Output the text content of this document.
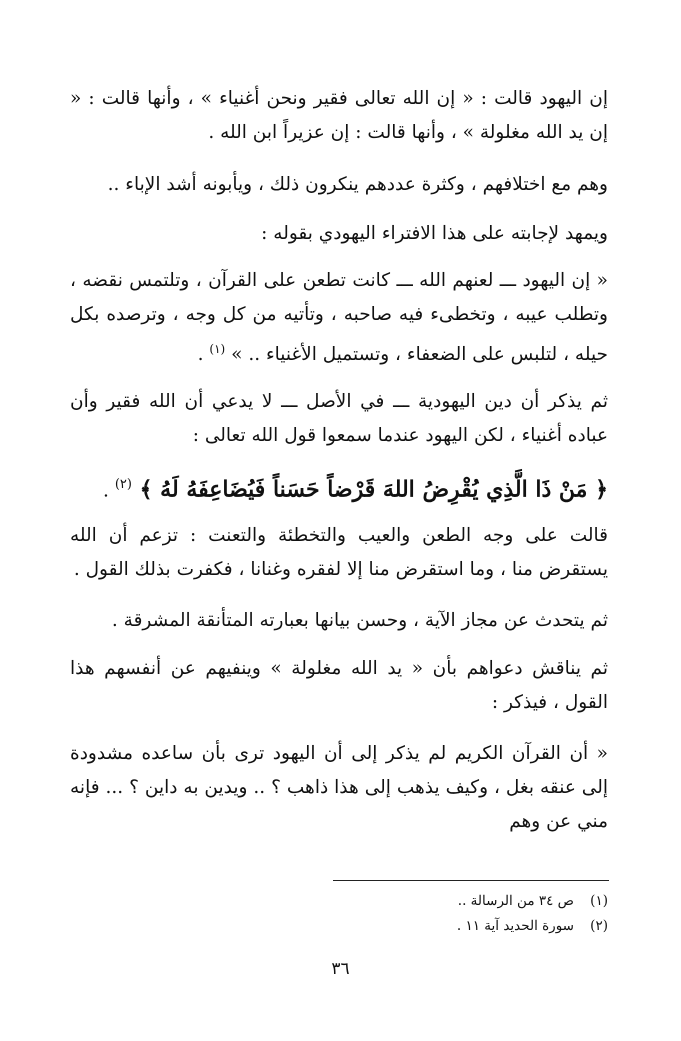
إن اليهود قالت : « إن الله تعالى فقير ونحن أغنياء » ، وأنها قالت : « إن يد الله مغلولة » ، وأنها قالت : إن عزيراً ابن الله .

وهم مع اختلافهم ، وكثرة عددهم ينكرون ذلك ، ويأبونه أشد الإباء ..

ويمهد لإجابته على هذا الافتراء اليهودي بقوله :

« إن اليهود ـــ لعنهم الله ـــ كانت تطعن على القرآن ، وتلتمس نقضه ، وتطلب عيبه ، وتخطىء فيه صاحبه ، وتأتيه من كل وجه ، وترصده بكل حيله ، لتلبس على الضعفاء ، وتستميل الأغنياء .. » $^{(١)}$ .

ثم يذكر أن دين اليهودية ـــ في الأصل ـــ لا يدعي أن الله فقير وأن عباده أغنياء ، لكن اليهود عندما سمعوا قول الله تعالى :

﴿ مَنْ ذَا الَّذِي يُقْرِضُ اللهَ قَرْضاً حَسَناً فَيُضَاعِفَهُ لَهُ ﴾ $^{(٢)}$ .

قالت على وجه الطعن والعيب والتخطئة والتعنت : تزعم أن الله يستقرض منا ، وما استقرض منا إلا لفقره وغنانا ، فكفرت بذلك القول .

ثم يتحدث عن مجاز الآية ، وحسن بيانها بعبارته المتأنقة المشرقة .

ثم يناقش دعواهم بأن « يد الله مغلولة » وينفيهم عن أنفسهم هذا القول ، فيذكر :

« أن القرآن الكريم لم يذكر إلى أن اليهود ترى بأن ساعده مشدودة إلى عنقه بغل ، وكيف يذهب إلى هذا ذاهب ؟ .. ويدين به داين ؟ ... فإنه مني عن وهم

(١)ص ٣٤ من الرسالة ..

(٢)سورة الحديد آية ١١ .

٣٦
